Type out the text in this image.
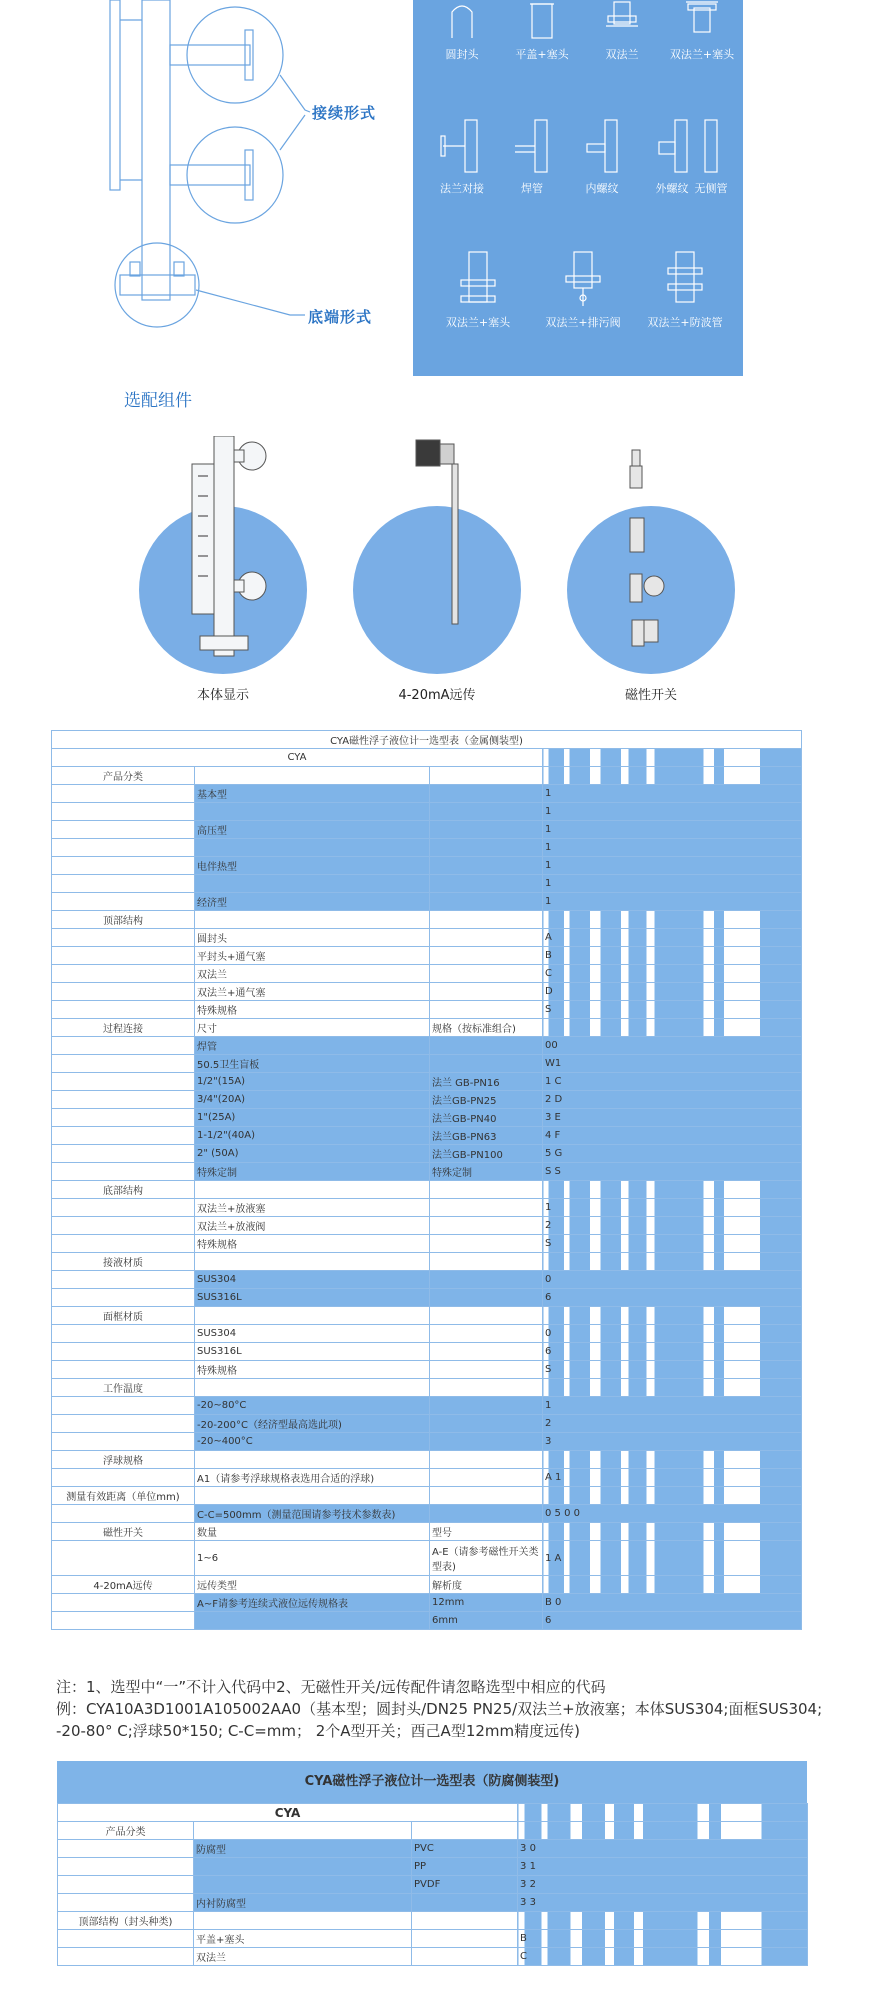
接续形式
底端形式
圆封头	平盖+塞头	双法兰	双法兰+塞头
法兰对接	焊管	内螺纹	外螺纹 无侧管
双法兰+塞头	双法兰+排污阀	双法兰+防波管
选配组件
本体显示	4-20mA远传	磁性开关
CYA磁性浮子液位计一选型表（金属侧装型)			
CYA			
产品分类			
	基本型		1
			1
	高压型		1
			1
	电伴热型		1
			1
	经济型		1
顶部结构			
	圆封头		A
	平封头+通气塞		B
	双法兰		C
	双法兰+通气塞		D
	特殊规格		S
过程连接	尺寸	规格（按标准组合)	
	焊管		00
	50.5卫生盲板		W1
	1/2"(15A)	法兰 GB-PN16	1 C
	3/4"(20A)	法兰GB-PN25	2 D
	1"(25A)	法兰GB-PN40	3 E
	1-1/2"(40A)	法兰GB-PN63	4 F
	2" (50A)	法兰GB-PN100	5 G
	特殊定制	特殊定制	S S
底部结构			
	双法兰+放液塞		1
	双法兰+放液阀		2
	特殊规格		S
接液材质			
	SUS304		0
	SUS316L		6
面框材质			
	SUS304		0
	SUS316L		6
	特殊规格		S
工作温度			
	-20~80°C		1
	-20-200°C（经济型最高选此项)		2
	-20~400°C		3
浮球规格			
	A1（请参考浮球规格表选用合适的浮球)		A 1
测量有效距离（单位mm)			
	C-C=500mm（测量范围请参考技术参数表)		0 5 0 0
磁性开关	数量	型号	
	1~6	A-E（请参考磁性开关类型表)	1 A
4-20mA远传	远传类型	解析度	
	A~F请参考连续式液位远传规格表	12mm	B 0
		6mm	6
注：1、选型中“一”不计入代码中2、无磁性开关/远传配件请忽略选型中相应的代码
例：CYA10A3D1001A105002AA0（基本型；圆封头/DN25 PN25/双法兰+放液塞；本体SUS304;面框SUS304; -20-80° C;浮球50*150; C-C=mm； 2个A型开关；酉己A型12mm精度远传)
CYA磁性浮子液位计一选型表（防腐侧装型)
CYA			
产品分类			
	防腐型	PVC	3 0
		PP	3 1
		PVDF	3 2
	内衬防腐型		3 3
顶部结构（封头种类)			
	平盖+塞头		B
	双法兰		C
